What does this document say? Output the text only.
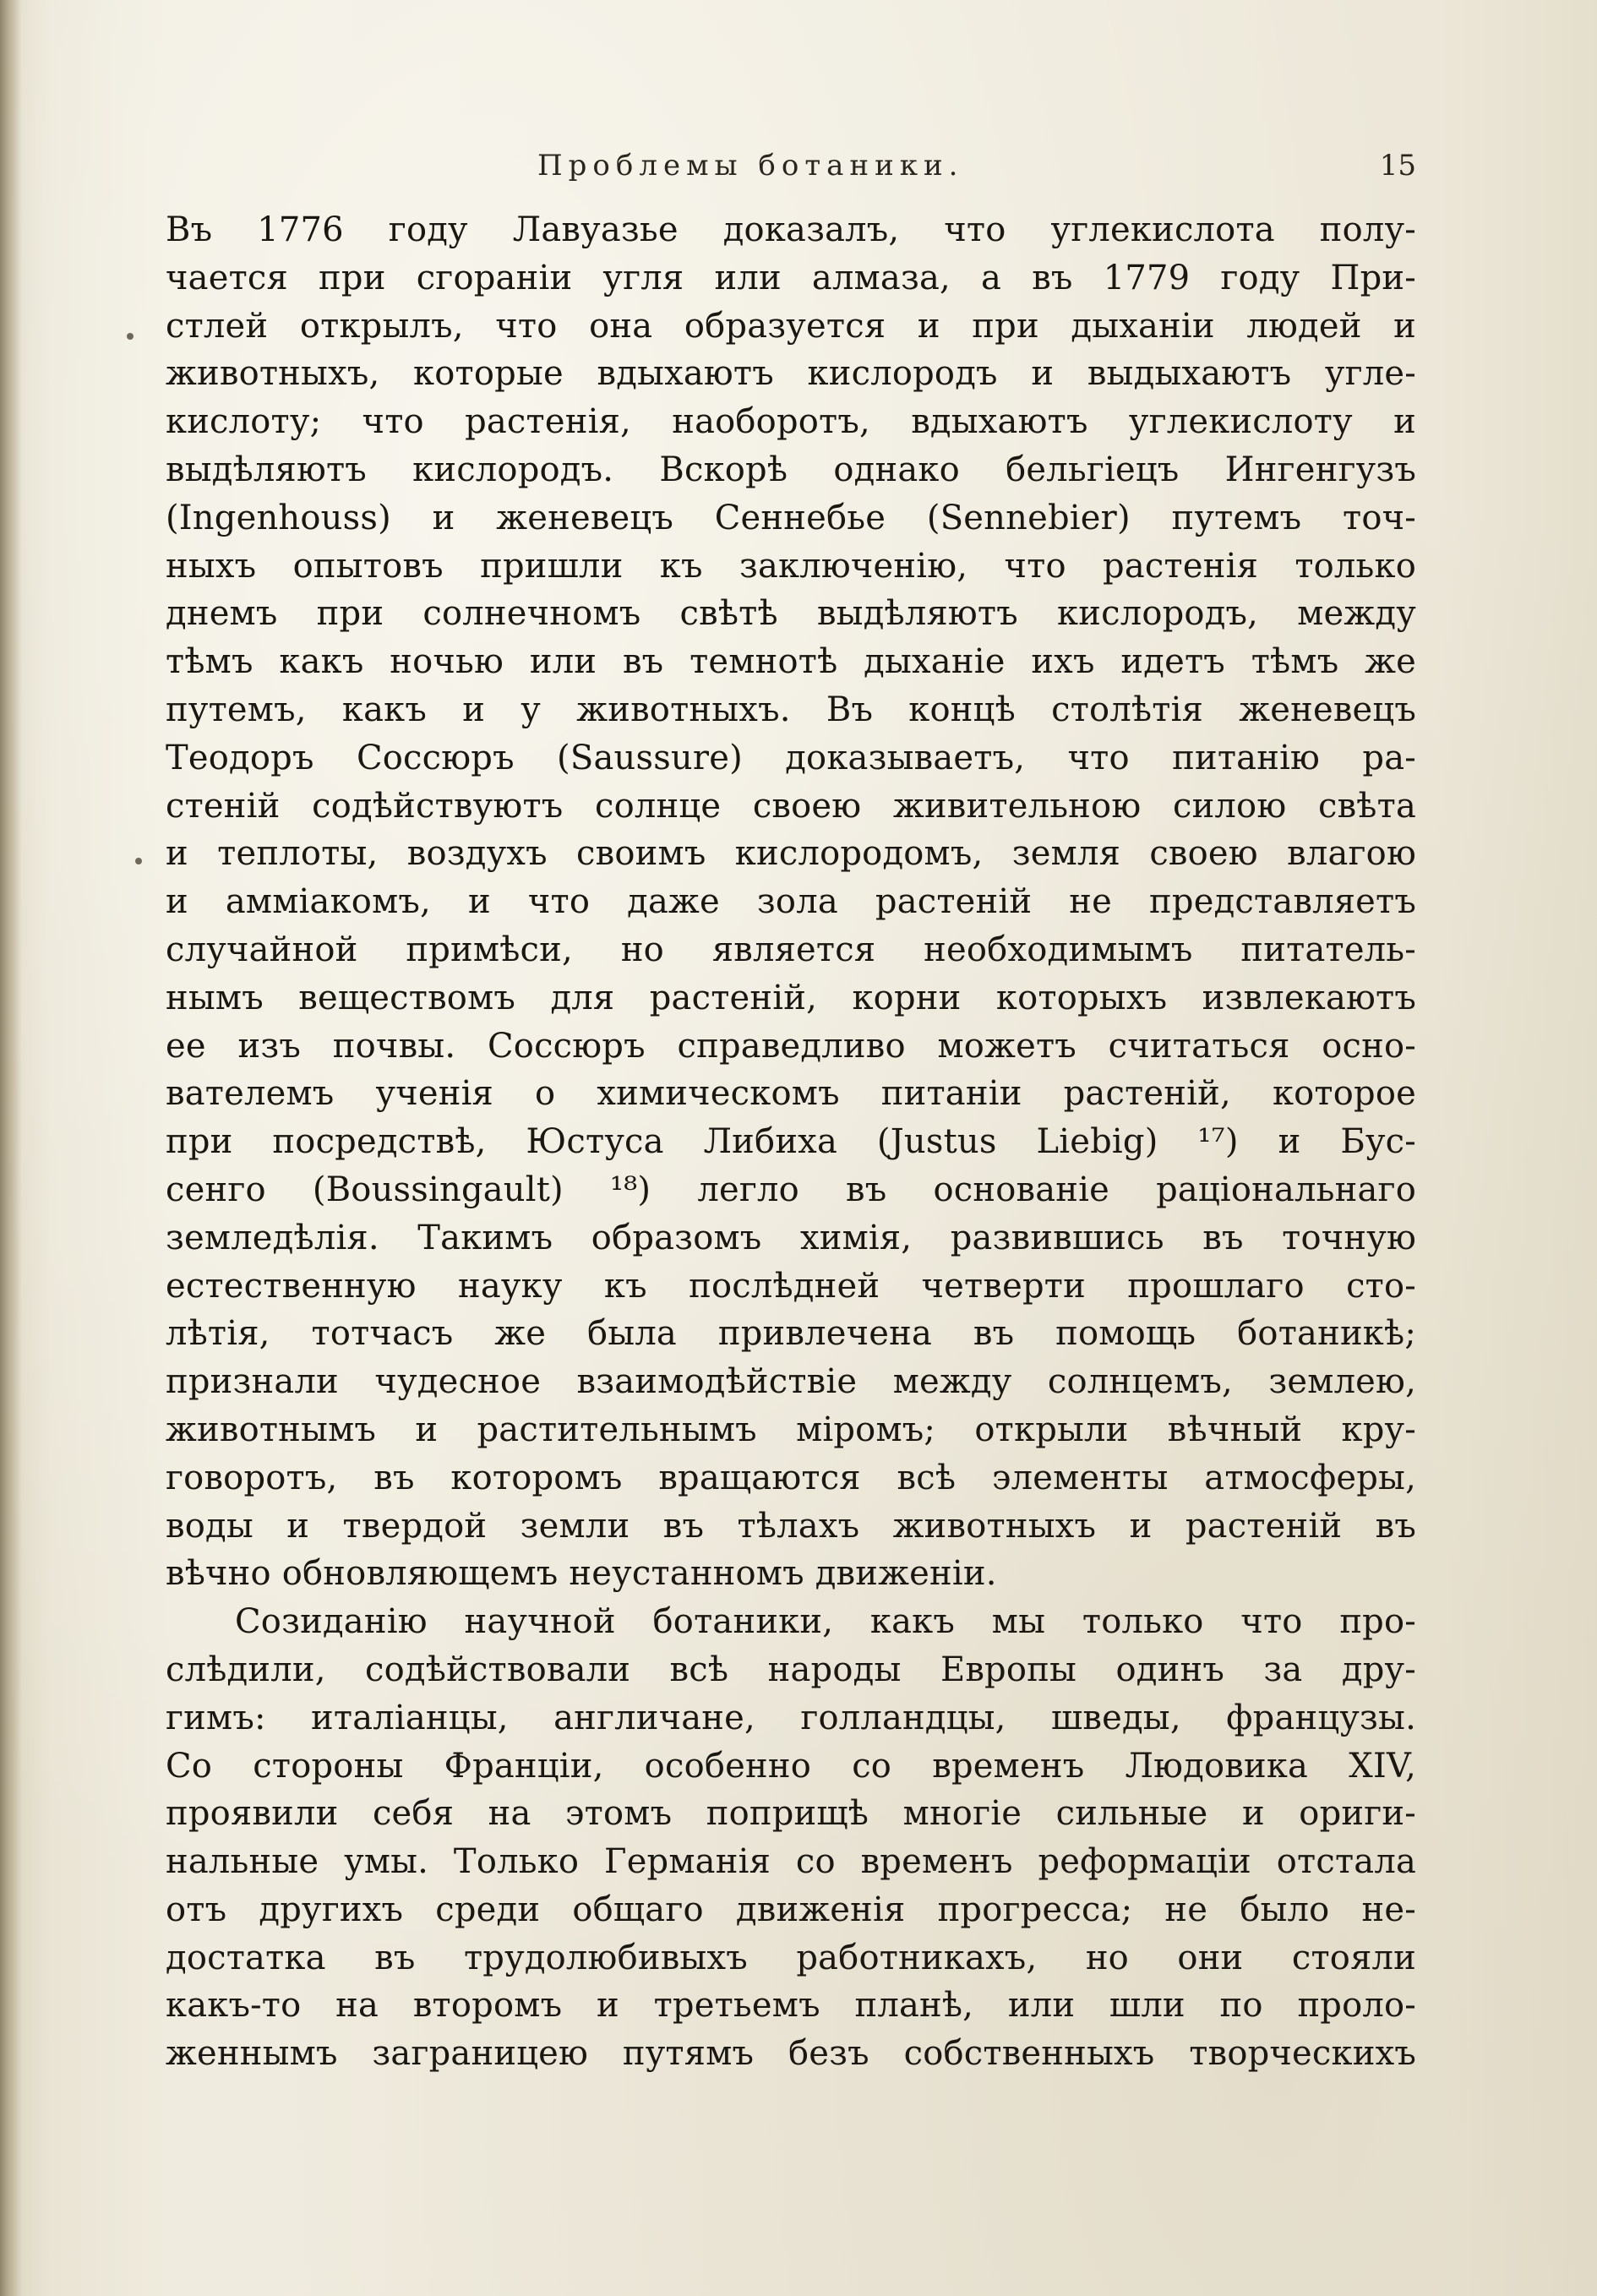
Проблемы ботаники.	15
Въ 1776 году Лавуазье доказалъ, что углекислота полу-
чается при сгораніи угля или алмаза, а въ 1779 году При-
стлей открылъ, что она образуется и при дыханіи людей и
животныхъ, которые вдыхаютъ кислородъ и выдыхаютъ угле-
кислоту; что растенія, наоборотъ, вдыхаютъ углекислоту и
выдѣляютъ кислородъ. Вскорѣ однако бельгіецъ Ингенгузъ
(Ingenhouss) и женевецъ Сеннебье (Sennebier) путемъ точ-
ныхъ опытовъ пришли къ заключенію, что растенія только
днемъ при солнечномъ свѣтѣ выдѣляютъ кислородъ, между
тѣмъ какъ ночью или въ темнотѣ дыханіе ихъ идетъ тѣмъ же
путемъ, какъ и у животныхъ. Въ концѣ столѣтія женевецъ
Теодоръ Соссюръ (Saussure) доказываетъ, что питанію ра-
стеній содѣйствуютъ солнце своею живительною силою свѣта
и теплоты, воздухъ своимъ кислородомъ, земля своею влагою
и аммiакомъ, и что даже зола растеній не представляетъ
случайной примѣси, но является необходимымъ питатель-
нымъ веществомъ для растеній, корни которыхъ извлекаютъ
ее изъ почвы. Соссюръ справедливо можетъ считаться осно-
вателемъ ученія о химическомъ питаніи растеній, которое
при посредствѣ, Юстуса Либиха (Justus Liebig) ¹⁷) и Бус-
сенго (Boussingault) ¹⁸) легло въ основаніе раціональнаго
земледѣлія. Такимъ образомъ химія, развившись въ точную
естественную науку къ послѣдней четверти прошлаго сто-
лѣтія, тотчасъ же была привлечена въ помощь ботаникѣ;
признали чудесное взаимодѣйствіе между солнцемъ, землею,
животнымъ и растительнымъ міромъ; открыли вѣчный кру-
говоротъ, въ которомъ вращаются всѣ элементы атмосферы,
воды и твердой земли въ тѣлахъ животныхъ и растеній въ
вѣчно обновляющемъ неустанномъ движеніи.
Созиданію научной ботаники, какъ мы только что про-
слѣдили, содѣйствовали всѣ народы Европы одинъ за дру-
гимъ: италіанцы, англичане, голландцы, шведы, французы.
Со стороны Франціи, особенно со временъ Людовика XIV,
проявили себя на этомъ поприщѣ многіе сильные и ориги-
нальные умы. Только Германія со временъ реформаціи отстала
отъ другихъ среди общаго движенія прогресса; не было не-
достатка въ трудолюбивыхъ работникахъ, но они стояли
какъ-то на второмъ и третьемъ планѣ, или шли по проло-
женнымъ заграницею путямъ безъ собственныхъ творческихъ
